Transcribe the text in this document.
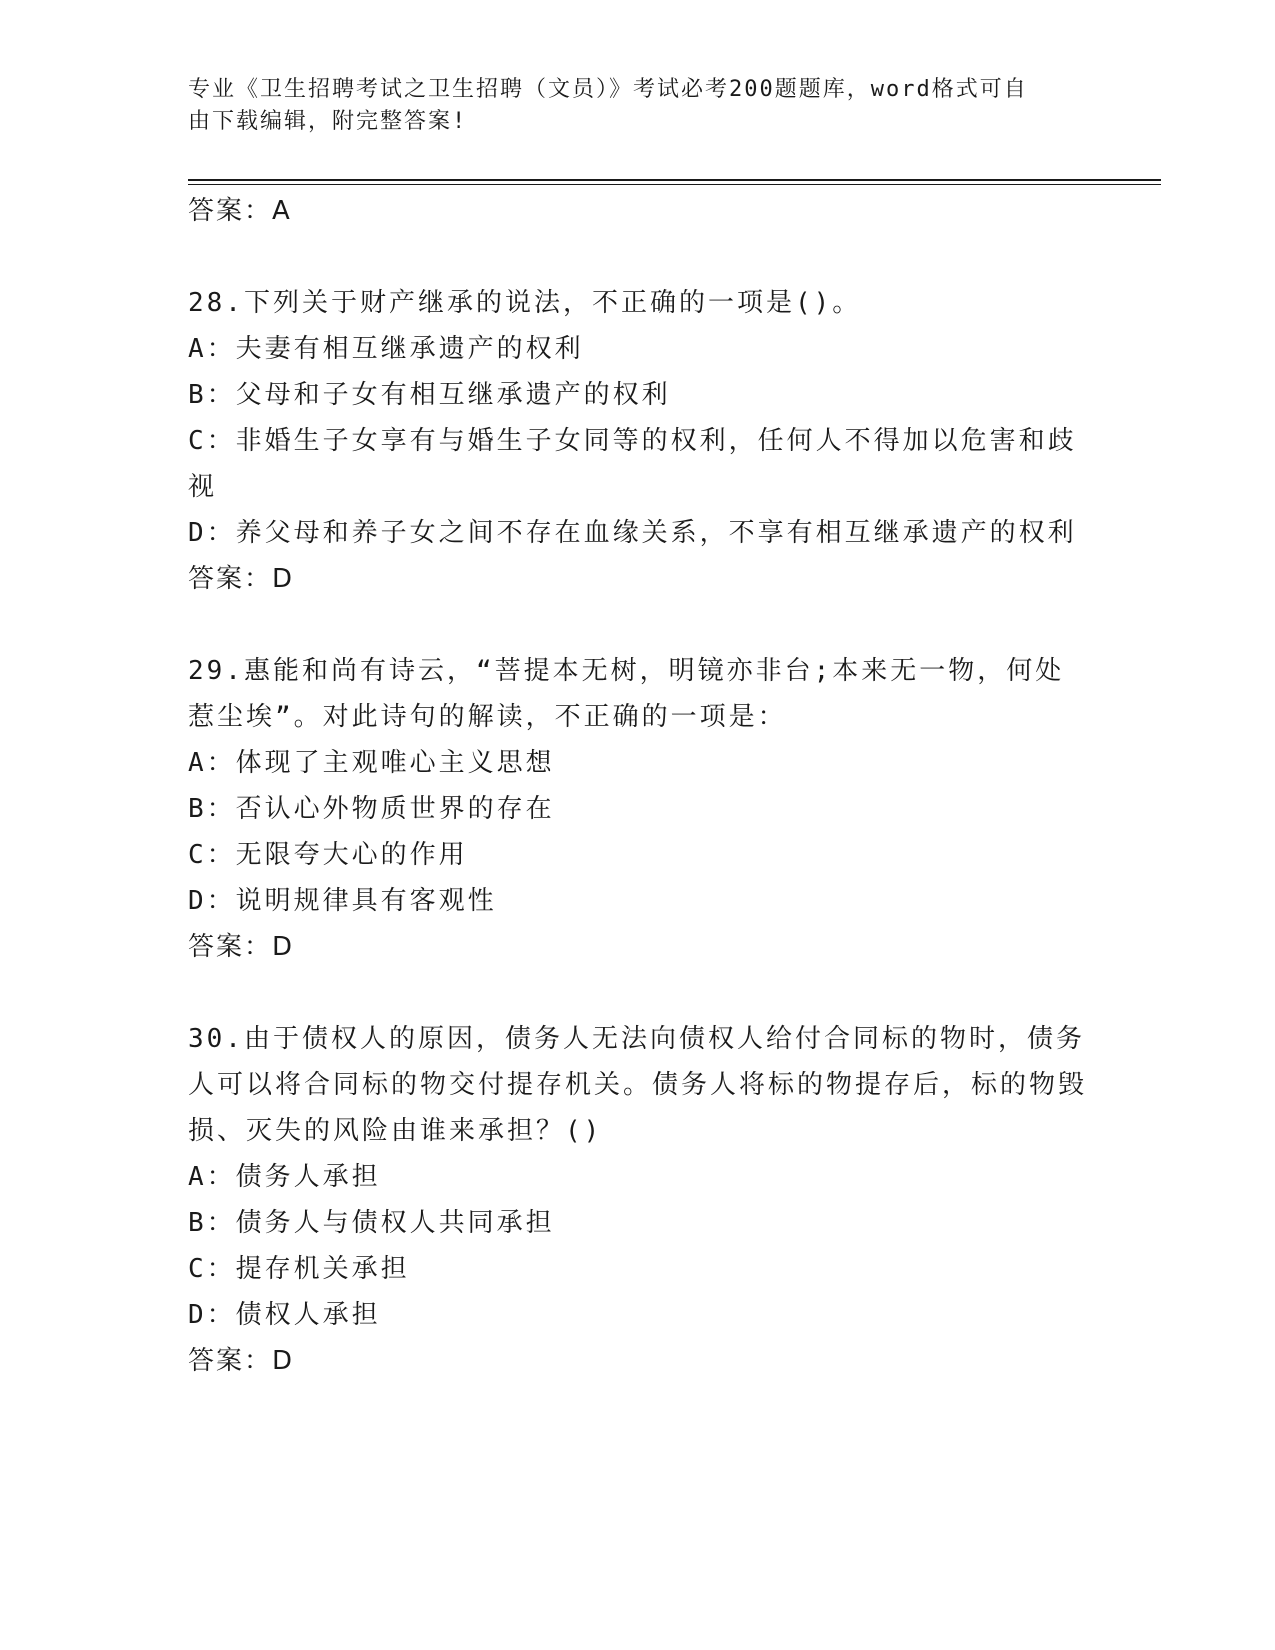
专业《卫生招聘考试之卫生招聘（文员）》考试必考200题题库，word格式可自
由下载编辑，附完整答案!

答案：A

28.下列关于财产继承的说法，不正确的一项是()。

A：夫妻有相互继承遗产的权利

B：父母和子女有相互继承遗产的权利

C：非婚生子女享有与婚生子女同等的权利，任何人不得加以危害和歧视

D：养父母和养子女之间不存在血缘关系，不享有相互继承遗产的权利

答案：D

29.惠能和尚有诗云，“菩提本无树，明镜亦非台;本来无一物，何处惹尘埃”。对此诗句的解读，不正确的一项是：

A：体现了主观唯心主义思想

B：否认心外物质世界的存在

C：无限夸大心的作用

D：说明规律具有客观性

答案：D

30.由于债权人的原因，债务人无法向债权人给付合同标的物时，债务人可以将合同标的物交付提存机关。债务人将标的物提存后，标的物毁损、灭失的风险由谁来承担？()

A：债务人承担

B：债务人与债权人共同承担

C：提存机关承担

D：债权人承担

答案：D
